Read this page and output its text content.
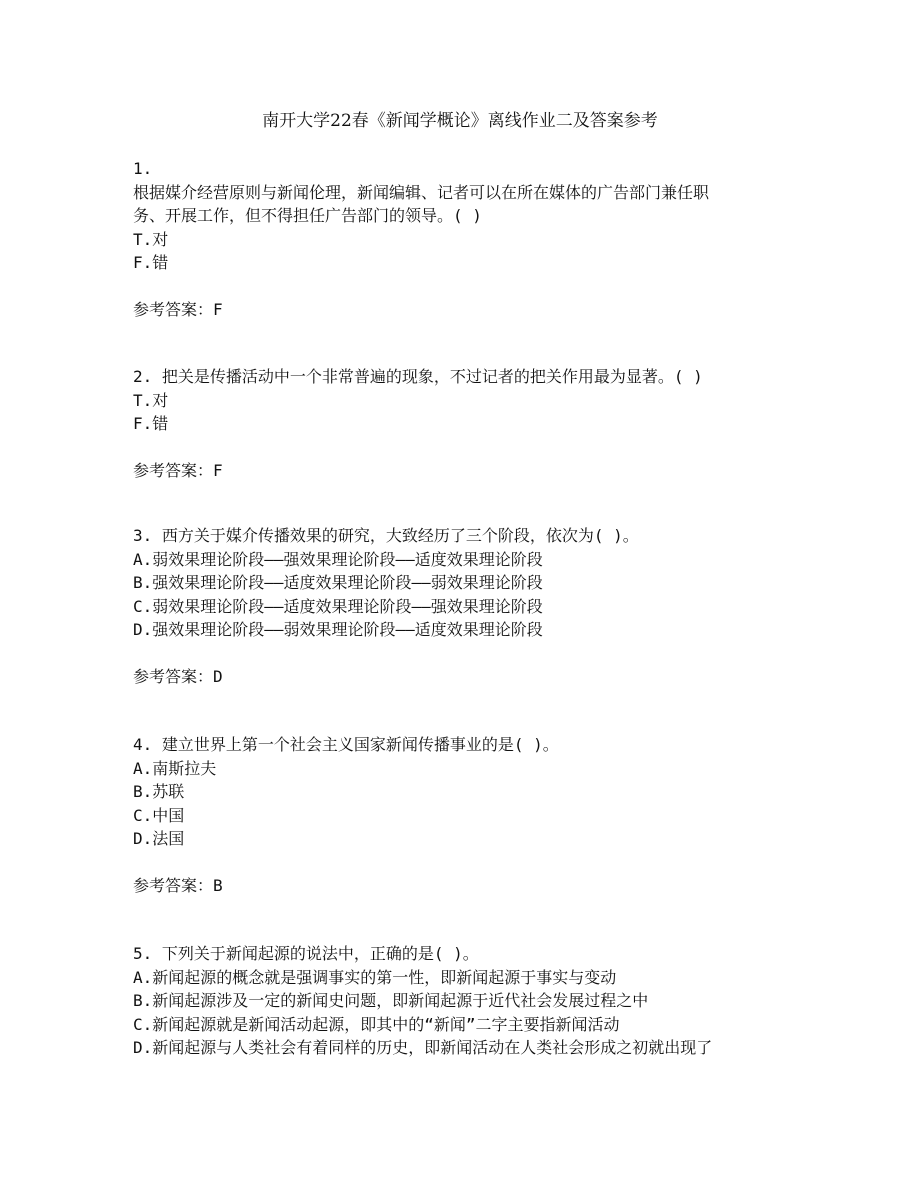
南开大学22春《新闻学概论》离线作业二及答案参考

1.

根据媒介经营原则与新闻伦理，新闻编辑、记者可以在所在媒体的广告部门兼任职

务、开展工作，但不得担任广告部门的领导。( )

T.对

F.错

参考答案：F

2. 把关是传播活动中一个非常普遍的现象，不过记者的把关作用最为显著。( )

T.对

F.错

参考答案：F

3. 西方关于媒介传播效果的研究，大致经历了三个阶段，依次为( )。

A.弱效果理论阶段——强效果理论阶段——适度效果理论阶段

B.强效果理论阶段——适度效果理论阶段——弱效果理论阶段

C.弱效果理论阶段——适度效果理论阶段——强效果理论阶段

D.强效果理论阶段——弱效果理论阶段——适度效果理论阶段

参考答案：D

4. 建立世界上第一个社会主义国家新闻传播事业的是( )。

A.南斯拉夫

B.苏联

C.中国

D.法国

参考答案：B

5. 下列关于新闻起源的说法中，正确的是( )。

A.新闻起源的概念就是强调事实的第一性，即新闻起源于事实与变动

B.新闻起源涉及一定的新闻史问题，即新闻起源于近代社会发展过程之中

C.新闻起源就是新闻活动起源，即其中的“新闻”二字主要指新闻活动

D.新闻起源与人类社会有着同样的历史，即新闻活动在人类社会形成之初就出现了
